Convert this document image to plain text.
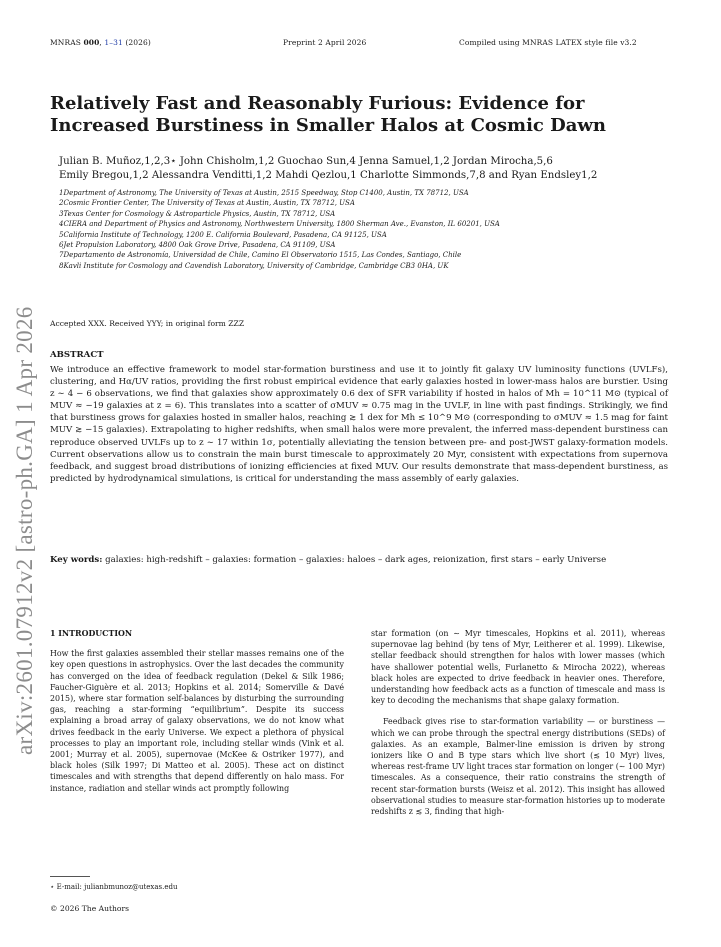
MNRAS 000, 1–31 (2026)	Preprint 2 April 2026	Compiled using MNRAS LATEX style file v3.2
Relatively Fast and Reasonably Furious: Evidence for
Increased Burstiness in Smaller Halos at Cosmic Dawn
Julian B. Muñoz,1,2,3⋆ John Chisholm,1,2 Guochao Sun,4 Jenna Samuel,1,2 Jordan Mirocha,5,6
Emily Bregou,1,2 Alessandra Venditti,1,2 Mahdi Qezlou,1 Charlotte Simmonds,7,8 and Ryan Endsley1,2
1Department of Astronomy, The University of Texas at Austin, 2515 Speedway, Stop C1400, Austin, TX 78712, USA
2Cosmic Frontier Center, The University of Texas at Austin, Austin, TX 78712, USA
3Texas Center for Cosmology & Astroparticle Physics, Austin, TX 78712, USA
4CIERA and Department of Physics and Astronomy, Northwestern University, 1800 Sherman Ave., Evanston, IL 60201, USA
5California Institute of Technology, 1200 E. California Boulevard, Pasadena, CA 91125, USA
6Jet Propulsion Laboratory, 4800 Oak Grove Drive, Pasadena, CA 91109, USA
7Departamento de Astronomía, Universidad de Chile, Camino El Observatorio 1515, Las Condes, Santiago, Chile
8Kavli Institute for Cosmology and Cavendish Laboratory, University of Cambridge, Cambridge CB3 0HA, UK
Accepted XXX. Received YYY; in original form ZZZ
ABSTRACT

We introduce an effective framework to model star-formation burstiness and use it to jointly fit galaxy UV luminosity functions (UVLFs), clustering, and Hα/UV ratios, providing the first robust empirical evidence that early galaxies hosted in lower-mass halos are burstier. Using z ∼ 4 − 6 observations, we find that galaxies show approximately 0.6 dex of SFR variability if hosted in halos of Mh = 10^11 M⊙ (typical of MUV ≈ −19 galaxies at z = 6). This translates into a scatter of σMUV ≈ 0.75 mag in the UVLF, in line with past findings. Strikingly, we find that burstiness grows for galaxies hosted in smaller halos, reaching ≳ 1 dex for Mh ≤ 10^9 M⊙ (corresponding to σMUV ≈ 1.5 mag for faint MUV ≳ −15 galaxies). Extrapolating to higher redshifts, when small halos were more prevalent, the inferred mass-dependent burstiness can reproduce observed UVLFs up to z ∼ 17 within 1σ, potentially alleviating the tension between pre- and post-JWST galaxy-formation models. Current observations allow us to constrain the main burst timescale to approximately 20 Myr, consistent with expectations from supernova feedback, and suggest broad distributions of ionizing efficiencies at fixed MUV. Our results demonstrate that mass-dependent burstiness, as predicted by hydrodynamical simulations, is critical for understanding the mass assembly of early galaxies.

Key words: galaxies: high-redshift – galaxies: formation – galaxies: haloes – dark ages, reionization, first stars – early Universe
arXiv:2601.07912v2 [astro-ph.GA] 1 Apr 2026 1 INTRODUCTION

How the first galaxies assembled their stellar masses remains one of the key open questions in astrophysics. Over the last decades the community has converged on the idea of feedback regulation (Dekel & Silk 1986; Faucher-Giguère et al. 2013; Hopkins et al. 2014; Somerville & Davé 2015), where star formation self-balances by disturbing the surrounding gas, reaching a star-forming “equilibrium”. Despite its success explaining a broad array of galaxy observations, we do not know what drives feedback in the early Universe. We expect a plethora of physical processes to play an important role, including stellar winds (Vink et al. 2001; Murray et al. 2005), supernovae (McKee & Ostriker 1977), and black holes (Silk 1997; Di Matteo et al. 2005). These act on distinct timescales and with strengths that depend differently on halo mass. For instance, radiation and stellar winds act promptly following

star formation (on ∼ Myr timescales, Hopkins et al. 2011), whereas supernovae lag behind (by tens of Myr, Leitherer et al. 1999). Likewise, stellar feedback should strengthen for halos with lower masses (which have shallower potential wells, Furlanetto & Mirocha 2022), whereas black holes are expected to drive feedback in heavier ones. Therefore, understanding how feedback acts as a function of timescale and mass is key to decoding the mechanisms that shape galaxy formation.

Feedback gives rise to star-formation variability — or burstiness — which we can probe through the spectral energy distributions (SEDs) of galaxies. As an example, Balmer-line emission is driven by strong ionizers like O and B type stars which live short (≲ 10 Myr) lives, whereas rest-frame UV light traces star formation on longer (∼ 100 Myr) timescales. As a consequence, their ratio constrains the strength of recent star-formation bursts (Weisz et al. 2012). This insight has allowed observational studies to measure star-formation histories up to moderate redshifts z ≲ 3, finding that high-

⋆ E-mail: julianbmunoz@utexas.edu
© 2026 The Authors
